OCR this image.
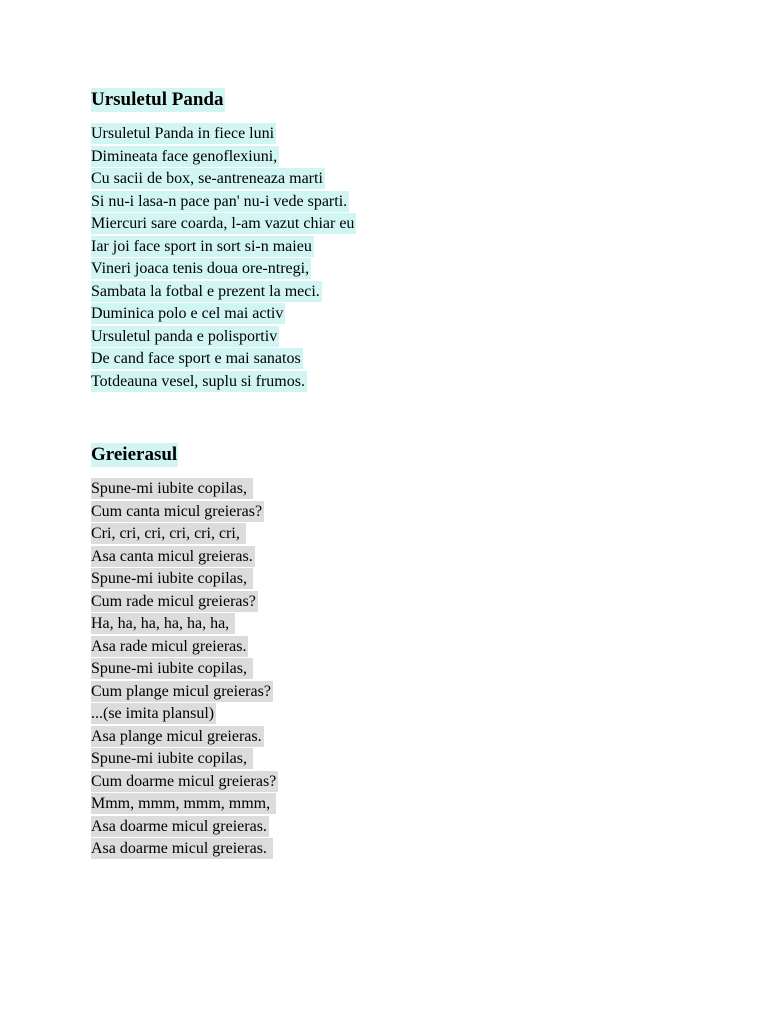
Ursuletul Panda
Ursuletul Panda in fiece luni
Dimineata face genoflexiuni,
Cu sacii de box, se-antreneaza marti
Si nu-i lasa-n pace pan' nu-i vede sparti.
Miercuri sare coarda, l-am vazut chiar eu
Iar joi face sport in sort si-n maieu
Vineri joaca tenis doua ore-ntregi,
Sambata la fotbal e prezent la meci.
Duminica polo e cel mai activ
Ursuletul panda e polisportiv
De cand face sport e mai sanatos
Totdeauna vesel, suplu si frumos.
Greierasul
Spune-mi iubite copilas,
Cum canta micul greieras?
Cri, cri, cri, cri, cri, cri,
Asa canta micul greieras.
Spune-mi iubite copilas,
Cum rade micul greieras?
Ha, ha, ha, ha, ha, ha,
Asa rade micul greieras.
Spune-mi iubite copilas,
Cum plange micul greieras?
...(se imita plansul)
Asa plange micul greieras.
Spune-mi iubite copilas,
Cum doarme micul greieras?
Mmm, mmm, mmm, mmm,
Asa doarme micul greieras.
Asa doarme micul greieras.
